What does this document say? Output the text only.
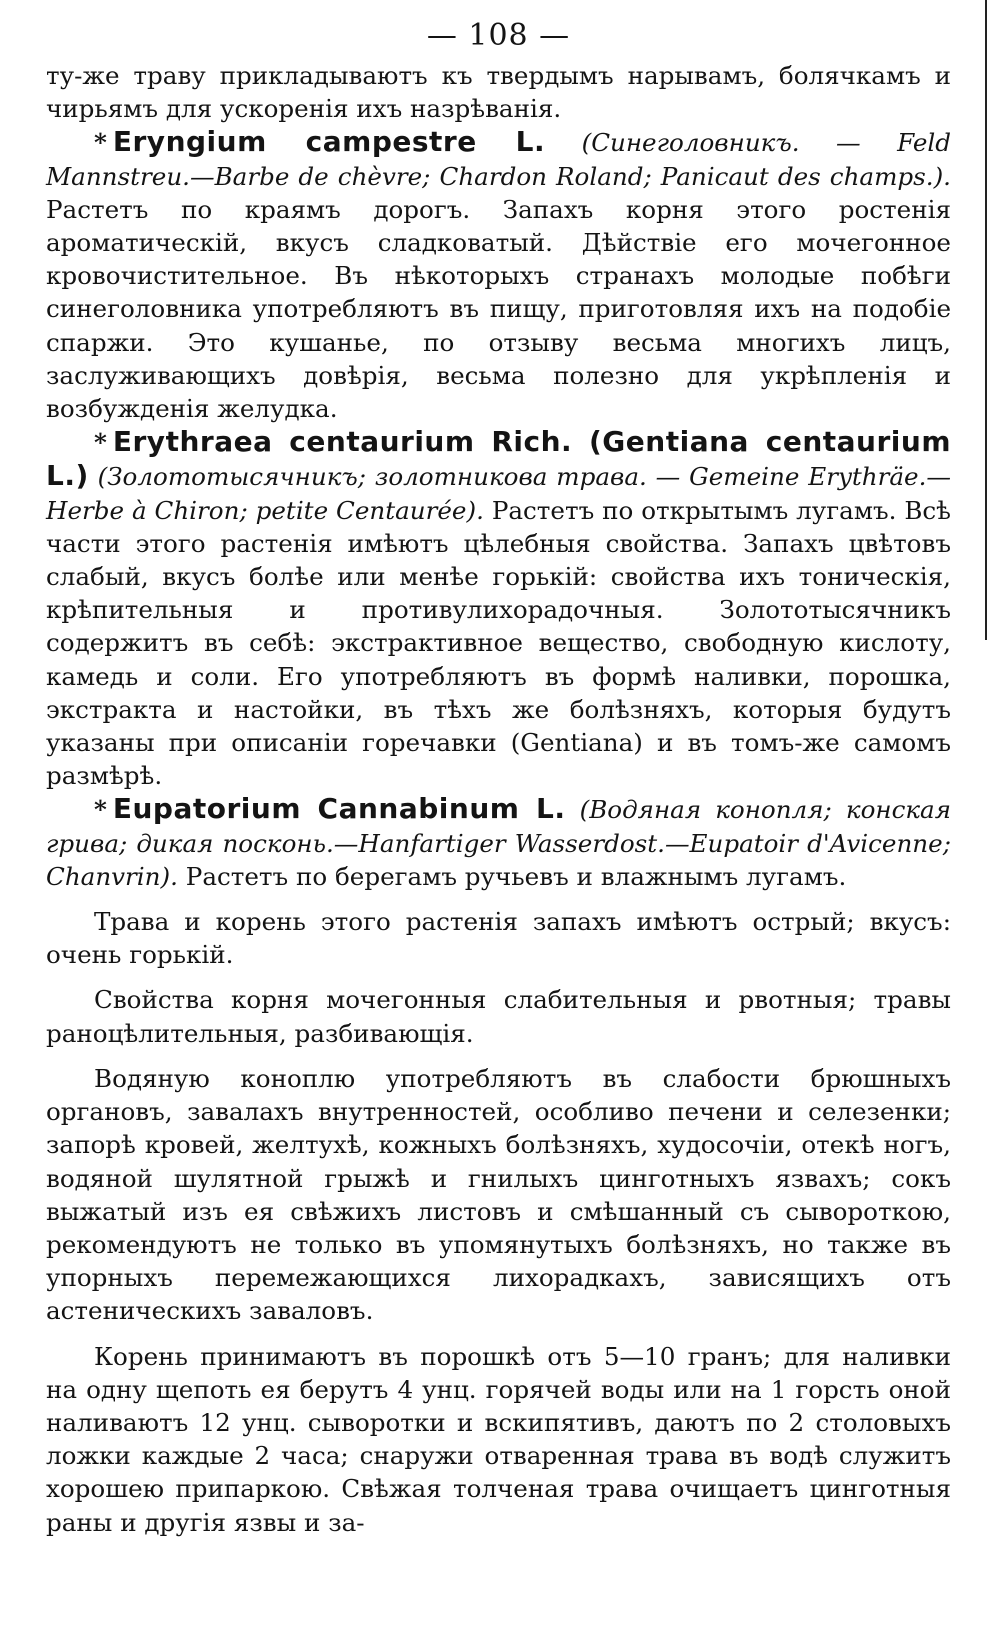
— 108 —

ту-же траву прикладываютъ къ твердымъ нарывамъ, болячкамъ и чирьямъ для ускоренія ихъ назрѣванія.

* Eryngium campestre L. (Синеголовникъ. — Feld Mannstreu.—Barbe de chèvre; Chardon Roland; Panicaut des champs.). Растетъ по краямъ дорогъ. Запахъ корня этого ростенія ароматическій, вкусъ сладковатый. Дѣйствіе его мочегонное кровочистительное. Въ нѣкоторыхъ странахъ молодые побѣги синеголовника употребляютъ въ пищу, приготовляя ихъ на подобіе спаржи. Это кушанье, по отзыву весьма многихъ лицъ, заслуживающихъ довѣрія, весьма полезно для укрѣпленія и возбужденія желудка.

* Erythraea centaurium Rich. (Gentiana centaurium L.) (Золототысячникъ; золотникова трава. — Gemeine Erythräe.— Herbe à Chiron; petite Centaurée). Растетъ по открытымъ лугамъ. Всѣ части этого растенія имѣютъ цѣлебныя свойства. Запахъ цвѣтовъ слабый, вкусъ болѣе или менѣе горькій: свойства ихъ тоническія, крѣпительныя и противулихорадочныя. Золототысячникъ содержитъ въ себѣ: экстрактивное вещество, свободную кислоту, камедь и соли. Его употребляютъ въ формѣ наливки, порошка, экстракта и настойки, въ тѣхъ же болѣзняхъ, которыя будутъ указаны при описаніи горечавки (Gentiana) и въ томъ-же самомъ размѣрѣ.

* Eupatorium Cannabinum L. (Водяная конопля; конская грива; дикая посконь.—Hanfartiger Wasserdost.—Eupatoir d'Avicenne; Chanvrin). Растетъ по берегамъ ручьевъ и влажнымъ лугамъ.

Трава и корень этого растенія запахъ имѣютъ острый; вкусъ: очень горькій.

Свойства корня мочегонныя слабительныя и рвотныя; травы раноцѣлительныя, разбивающія.

Водяную коноплю употребляютъ въ слабости брюшныхъ органовъ, завалахъ внутренностей, особливо печени и селезенки; запорѣ кровей, желтухѣ, кожныхъ болѣзняхъ, худосочіи, отекѣ ногъ, водяной шулятной грыжѣ и гнилыхъ цинготныхъ язвахъ; сокъ выжатый изъ ея свѣжихъ листовъ и смѣшанный съ сывороткою, рекомендуютъ не только въ упомянутыхъ болѣзняхъ, но также въ упорныхъ перемежающихся лихорадкахъ, зависящихъ отъ астеническихъ заваловъ.

Корень принимаютъ въ порошкѣ отъ 5—10 гранъ; для наливки на одну щепоть ея берутъ 4 унц. горячей воды или на 1 горсть оной наливаютъ 12 унц. сыворотки и вскипятивъ, даютъ по 2 столовыхъ ложки каждые 2 часа; снаружи отваренная трава въ водѣ служитъ хорошею припаркою. Свѣжая толченая трава очищаетъ цинготныя раны и другія язвы и за-
